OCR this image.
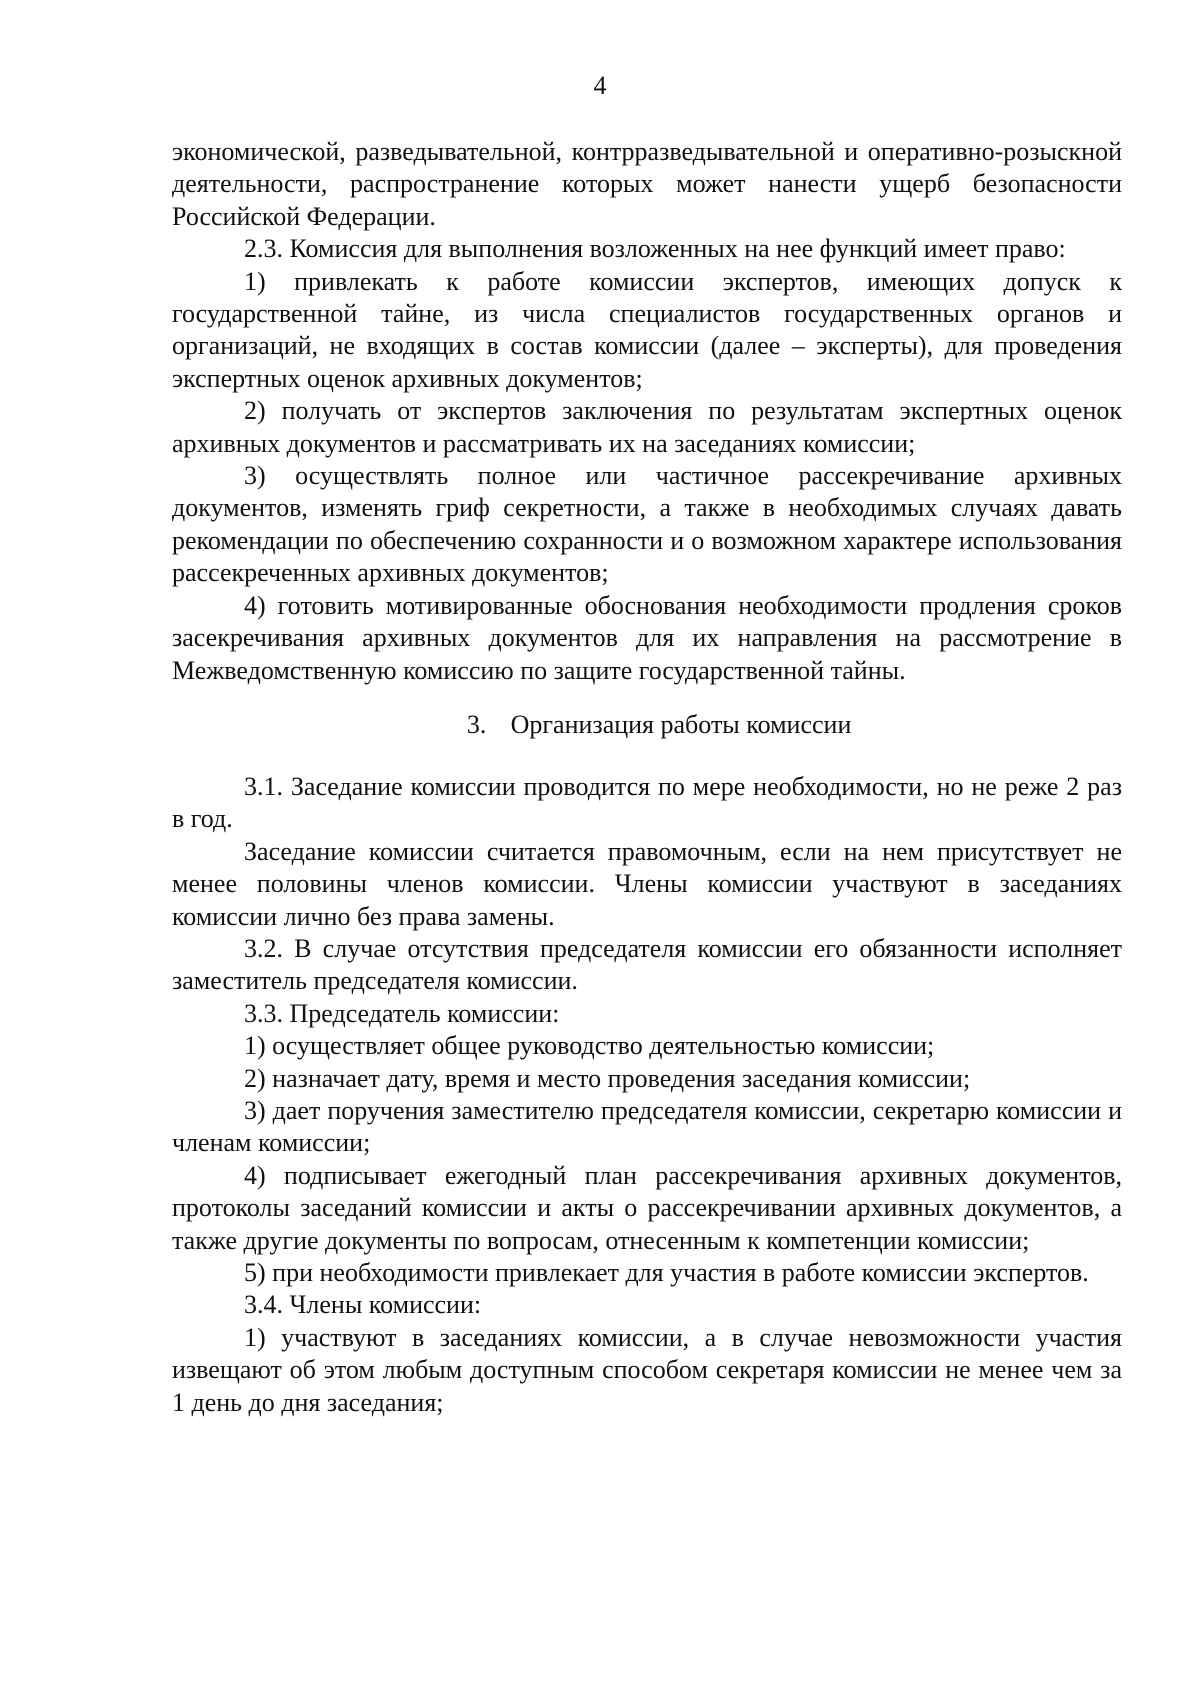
4

экономической, разведывательной, контрразведывательной и оперативно-розыскной деятельности, распространение которых может нанести ущерб безопасности Российской Федерации.

2.3. Комиссия для выполнения возложенных на нее функций имеет право:

1) привлекать к работе комиссии экспертов, имеющих допуск к государственной тайне, из числа специалистов государственных органов и организаций, не входящих в состав комиссии (далее – эксперты), для проведения экспертных оценок архивных документов;

2) получать от экспертов заключения по результатам экспертных оценок архивных документов и рассматривать их на заседаниях комиссии;

3) осуществлять полное или частичное рассекречивание архивных документов, изменять гриф секретности, а также в необходимых случаях давать рекомендации по обеспечению сохранности и о возможном характере использования рассекреченных архивных документов;

4) готовить мотивированные обоснования необходимости продления сроков засекречивания архивных документов для их направления на рассмотрение в Межведомственную комиссию по защите государственной тайны.

3. Организация работы комиссии

3.1. Заседание комиссии проводится по мере необходимости, но не реже 2 раз в год.

Заседание комиссии считается правомочным, если на нем присутствует не менее половины членов комиссии. Члены комиссии участвуют в заседаниях комиссии лично без права замены.

3.2. В случае отсутствия председателя комиссии его обязанности исполняет заместитель председателя комиссии.

3.3. Председатель комиссии:

1) осуществляет общее руководство деятельностью комиссии;

2) назначает дату, время и место проведения заседания комиссии;

3) дает поручения заместителю председателя комиссии, секретарю комиссии и членам комиссии;

4) подписывает ежегодный план рассекречивания архивных документов, протоколы заседаний комиссии и акты о рассекречивании архивных документов, а также другие документы по вопросам, отнесенным к компетенции комиссии;

5) при необходимости привлекает для участия в работе комиссии экспертов.

3.4. Члены комиссии:

1) участвуют в заседаниях комиссии, а в случае невозможности участия извещают об этом любым доступным способом секретаря комиссии не менее чем за 1 день до дня заседания;
